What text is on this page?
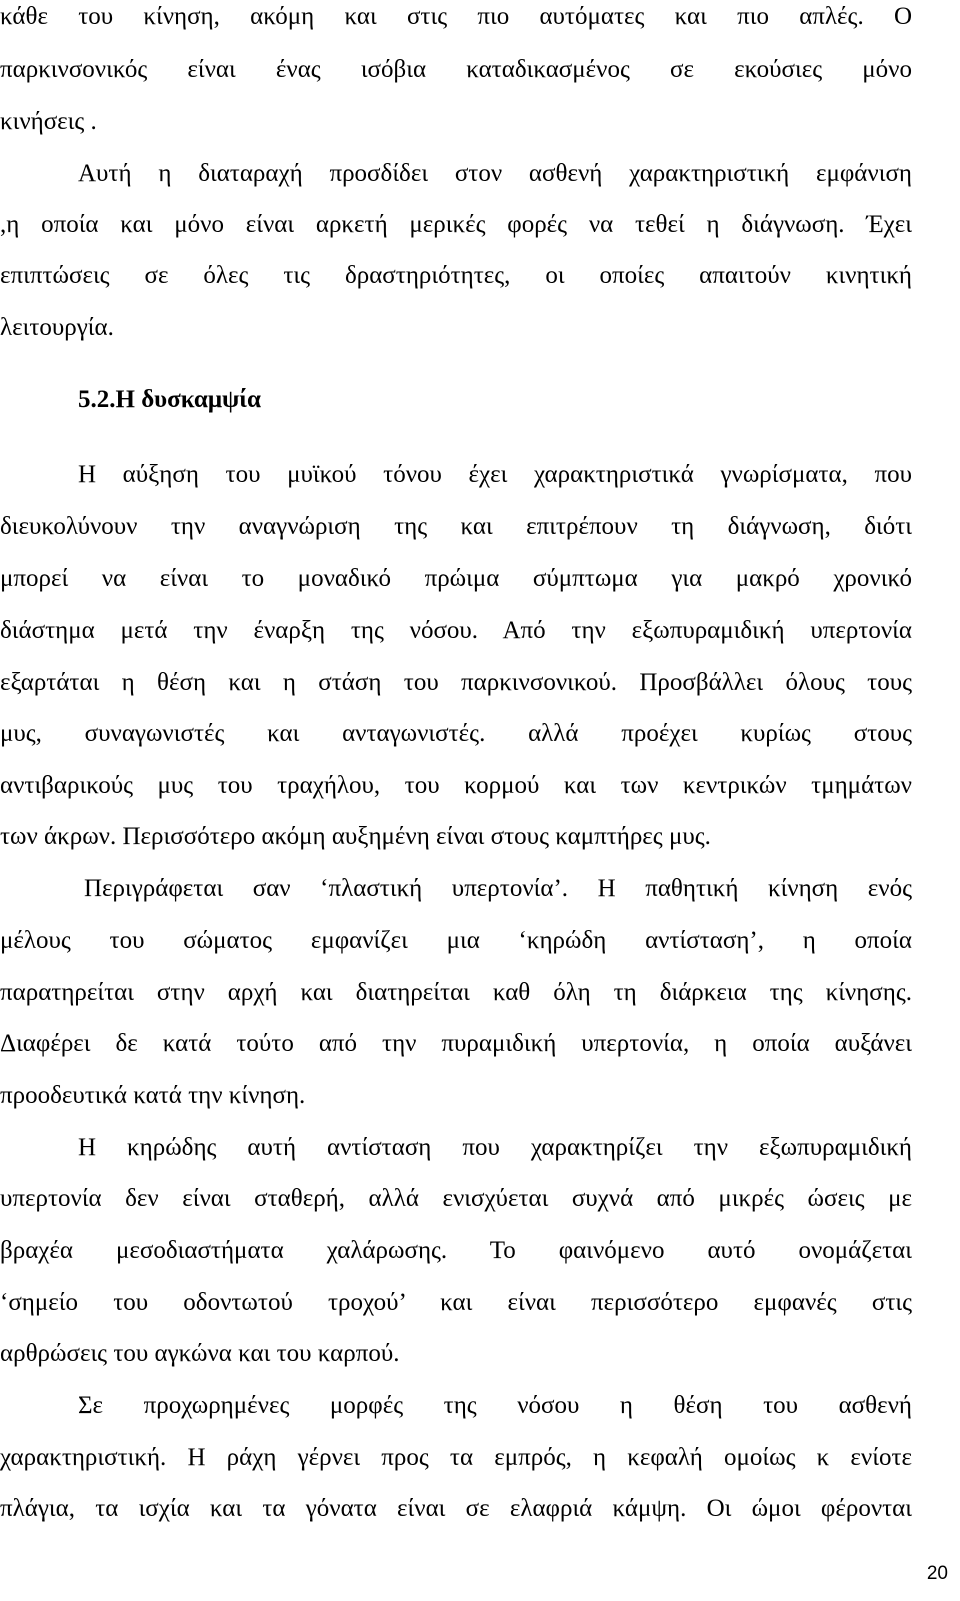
κάθε του κίνηση, ακόμη και στις πιο αυτόματες και πιο απλές. Ο
παρκινσονικός είναι ένας ισόβια καταδικασμένος σε εκούσιες μόνο
κινήσεις .
Αυτή η διαταραχή προσδίδει στον ασθενή χαρακτηριστική εμφάνιση
,η οποία και μόνο είναι αρκετή μερικές φορές να τεθεί η διάγνωση. Έχει
επιπτώσεις σε όλες τις δραστηριότητες, οι οποίες απαιτούν κινητική
λειτουργία.
5.2.Η δυσκαμψία
Η αύξηση του μυϊκού τόνου έχει χαρακτηριστικά γνωρίσματα, που
διευκολύνουν την αναγνώριση της και επιτρέπουν τη διάγνωση, διότι
μπορεί να είναι το μοναδικό πρώιμα σύμπτωμα για μακρό χρονικό
διάστημα μετά την έναρξη της νόσου. Από την εξωπυραμιδική υπερτονία
εξαρτάται η θέση και η στάση του παρκινσονικού. Προσβάλλει όλους τους
μυς, συναγωνιστές και ανταγωνιστές. αλλά προέχει κυρίως στους
αντιβαρικούς μυς του τραχήλου, του κορμού και των κεντρικών τμημάτων
των άκρων. Περισσότερο ακόμη αυξημένη είναι στους καμπτήρες μυς.
Περιγράφεται σαν ‘πλαστική υπερτονία’. Η παθητική κίνηση ενός
μέλους του σώματος εμφανίζει μια ‘κηρώδη αντίσταση’, η οποία
παρατηρείται στην αρχή και διατηρείται καθ όλη τη διάρκεια της κίνησης.
Διαφέρει δε κατά τούτο από την πυραμιδική υπερτονία, η οποία αυξάνει
προοδευτικά κατά την κίνηση.
Η κηρώδης αυτή αντίσταση που χαρακτηρίζει την εξωπυραμιδική
υπερτονία δεν είναι σταθερή, αλλά ενισχύεται συχνά από μικρές ώσεις με
βραχέα μεσοδιαστήματα χαλάρωσης. Το φαινόμενο αυτό ονομάζεται
‘σημείο του οδοντωτού τροχού’ και είναι περισσότερο εμφανές στις
αρθρώσεις του αγκώνα και του καρπού.
Σε προχωρημένες μορφές της νόσου η θέση του ασθενή
χαρακτηριστική. Η ράχη γέρνει προς τα εμπρός, η κεφαλή ομοίως κ ενίοτε
πλάγια, τα ισχία και τα γόνατα είναι σε ελαφριά κάμψη. Οι ώμοι φέρονται
20
